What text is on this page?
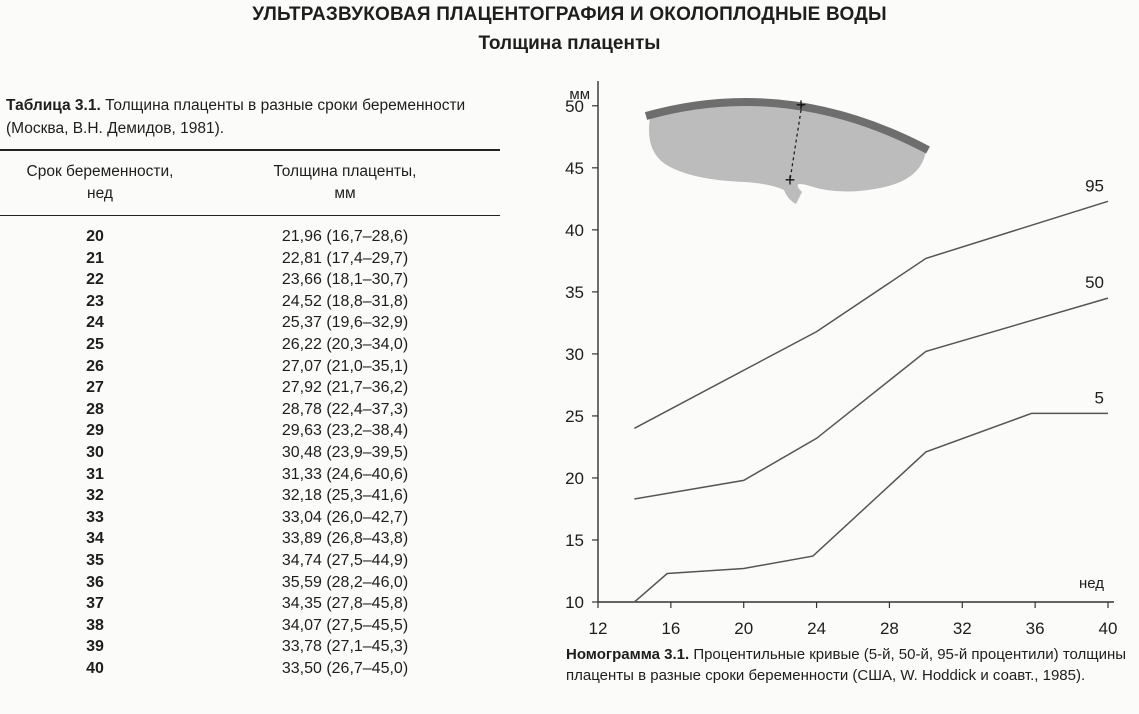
УЛЬТРАЗВУКОВАЯ ПЛАЦЕНТОГРАФИЯ И ОКОЛОПЛОДНЫЕ ВОДЫ
Толщина плаценты
Таблица 3.1. Толщина плаценты в разные сроки беременности (Москва, В.Н. Демидов, 1981).
Срок беременности,
нед
Толщина плаценты,
мм
20	21,96 (16,7–28,6)
21	22,81 (17,4–29,7)
22	23,66 (18,1–30,7)
23	24,52 (18,8–31,8)
24	25,37 (19,6–32,9)
25	26,22 (20,3–34,0)
26	27,07 (21,0–35,1)
27	27,92 (21,7–36,2)
28	28,78 (22,4–37,3)
29	29,63 (23,2–38,4)
30	30,48 (23,9–39,5)
31	31,33 (24,6–40,6)
32	32,18 (25,3–41,6)
33	33,04 (26,0–42,7)
34	33,89 (26,8–43,8)
35	34,74 (27,5–44,9)
36	35,59 (28,2–46,0)
37	34,35 (27,8–45,8)
38	34,07 (27,5–45,5)
39	33,78 (27,1–45,3)
40	33,50 (26,7–45,0)
+
+
10
15
20
25
30
35
40
45
50
12	16	20	24	28	32	36	40
мм
нед
95
50
5
Номограмма 3.1. Процентильные кривые (5-й, 50-й, 95-й процентили) толщины плаценты в разные сроки беременности (США, W. Hoddick и соавт., 1985).
